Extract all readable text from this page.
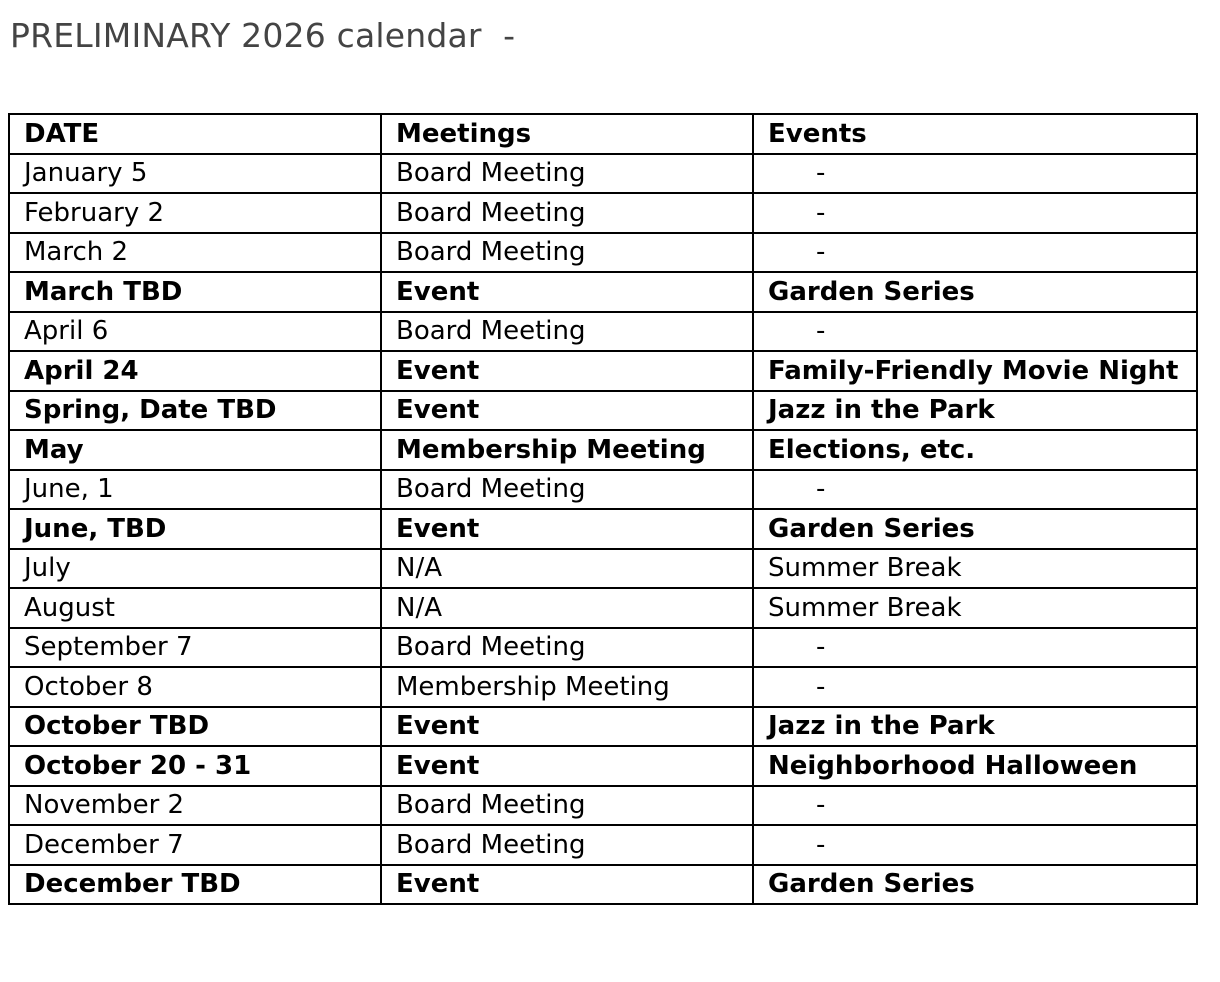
PRELIMINARY 2026 calendar  -
DATE	Meetings	Events
January 5	Board Meeting	-
February 2	Board Meeting	-
March 2	Board Meeting	-
March TBD	Event	Garden Series
April 6	Board Meeting	-
April 24	Event	Family-Friendly Movie Night
Spring, Date TBD	Event	Jazz in the Park
May	Membership Meeting	Elections, etc.
June, 1	Board Meeting	-
June, TBD	Event	Garden Series
July	N/A	Summer Break
August	N/A	Summer Break
September 7	Board Meeting	-
October 8	Membership Meeting	-
October TBD	Event	Jazz in the Park
October 20 - 31	Event	Neighborhood Halloween
November 2	Board Meeting	-
December 7	Board Meeting	-
December TBD	Event	Garden Series
